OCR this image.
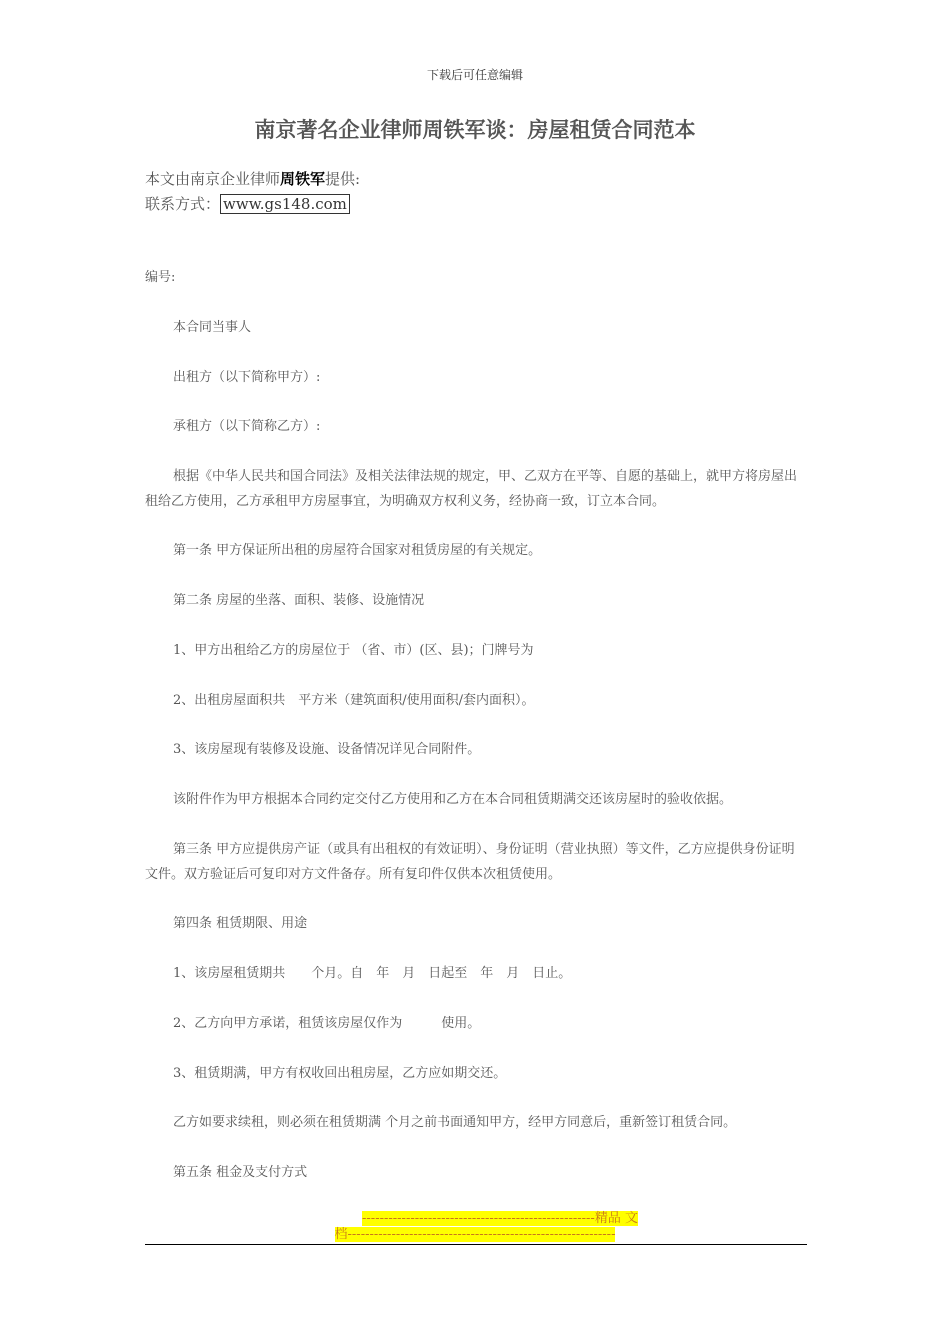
下载后可任意编辑
南京著名企业律师周铁军谈：房屋租赁合同范本
本文由南京企业律师周铁军提供:
联系方式： www.gs148.com
编号:
本合同当事人
出租方（以下简称甲方）:
承租方（以下简称乙方）:
根据《中华人民共和国合同法》及相关法律法规的规定，甲、乙双方在平等、自愿的基础上，就甲方将房屋出租给乙方使用，乙方承租甲方房屋事宜，为明确双方权利义务，经协商一致，订立本合同。
第一条 甲方保证所出租的房屋符合国家对租赁房屋的有关规定。
第二条 房屋的坐落、面积、装修、设施情况
1、甲方出租给乙方的房屋位于 （省、市）(区、县)；门牌号为
2、出租房屋面积共　平方米（建筑面积/使用面积/套内面积）。
3、该房屋现有装修及设施、设备情况详见合同附件。
该附件作为甲方根据本合同约定交付乙方使用和乙方在本合同租赁期满交还该房屋时的验收依据。
第三条 甲方应提供房产证（或具有出租权的有效证明）、身份证明（营业执照）等文件，乙方应提供身份证明文件。双方验证后可复印对方文件备存。所有复印件仅供本次租赁使用。
第四条 租赁期限、用途
1、该房屋租赁期共　　个月。自　年　月　日起至　年　月　日止。
2、乙方向甲方承诺，租赁该房屋仅作为　　　使用。
3、租赁期满，甲方有权收回出租房屋，乙方应如期交还。
乙方如要求续租，则必须在租赁期满 个月之前书面通知甲方，经甲方同意后，重新签订租赁合同。
第五条 租金及支付方式
-----------------------------------------------------精品 文
档-------------------------------------------------------------
